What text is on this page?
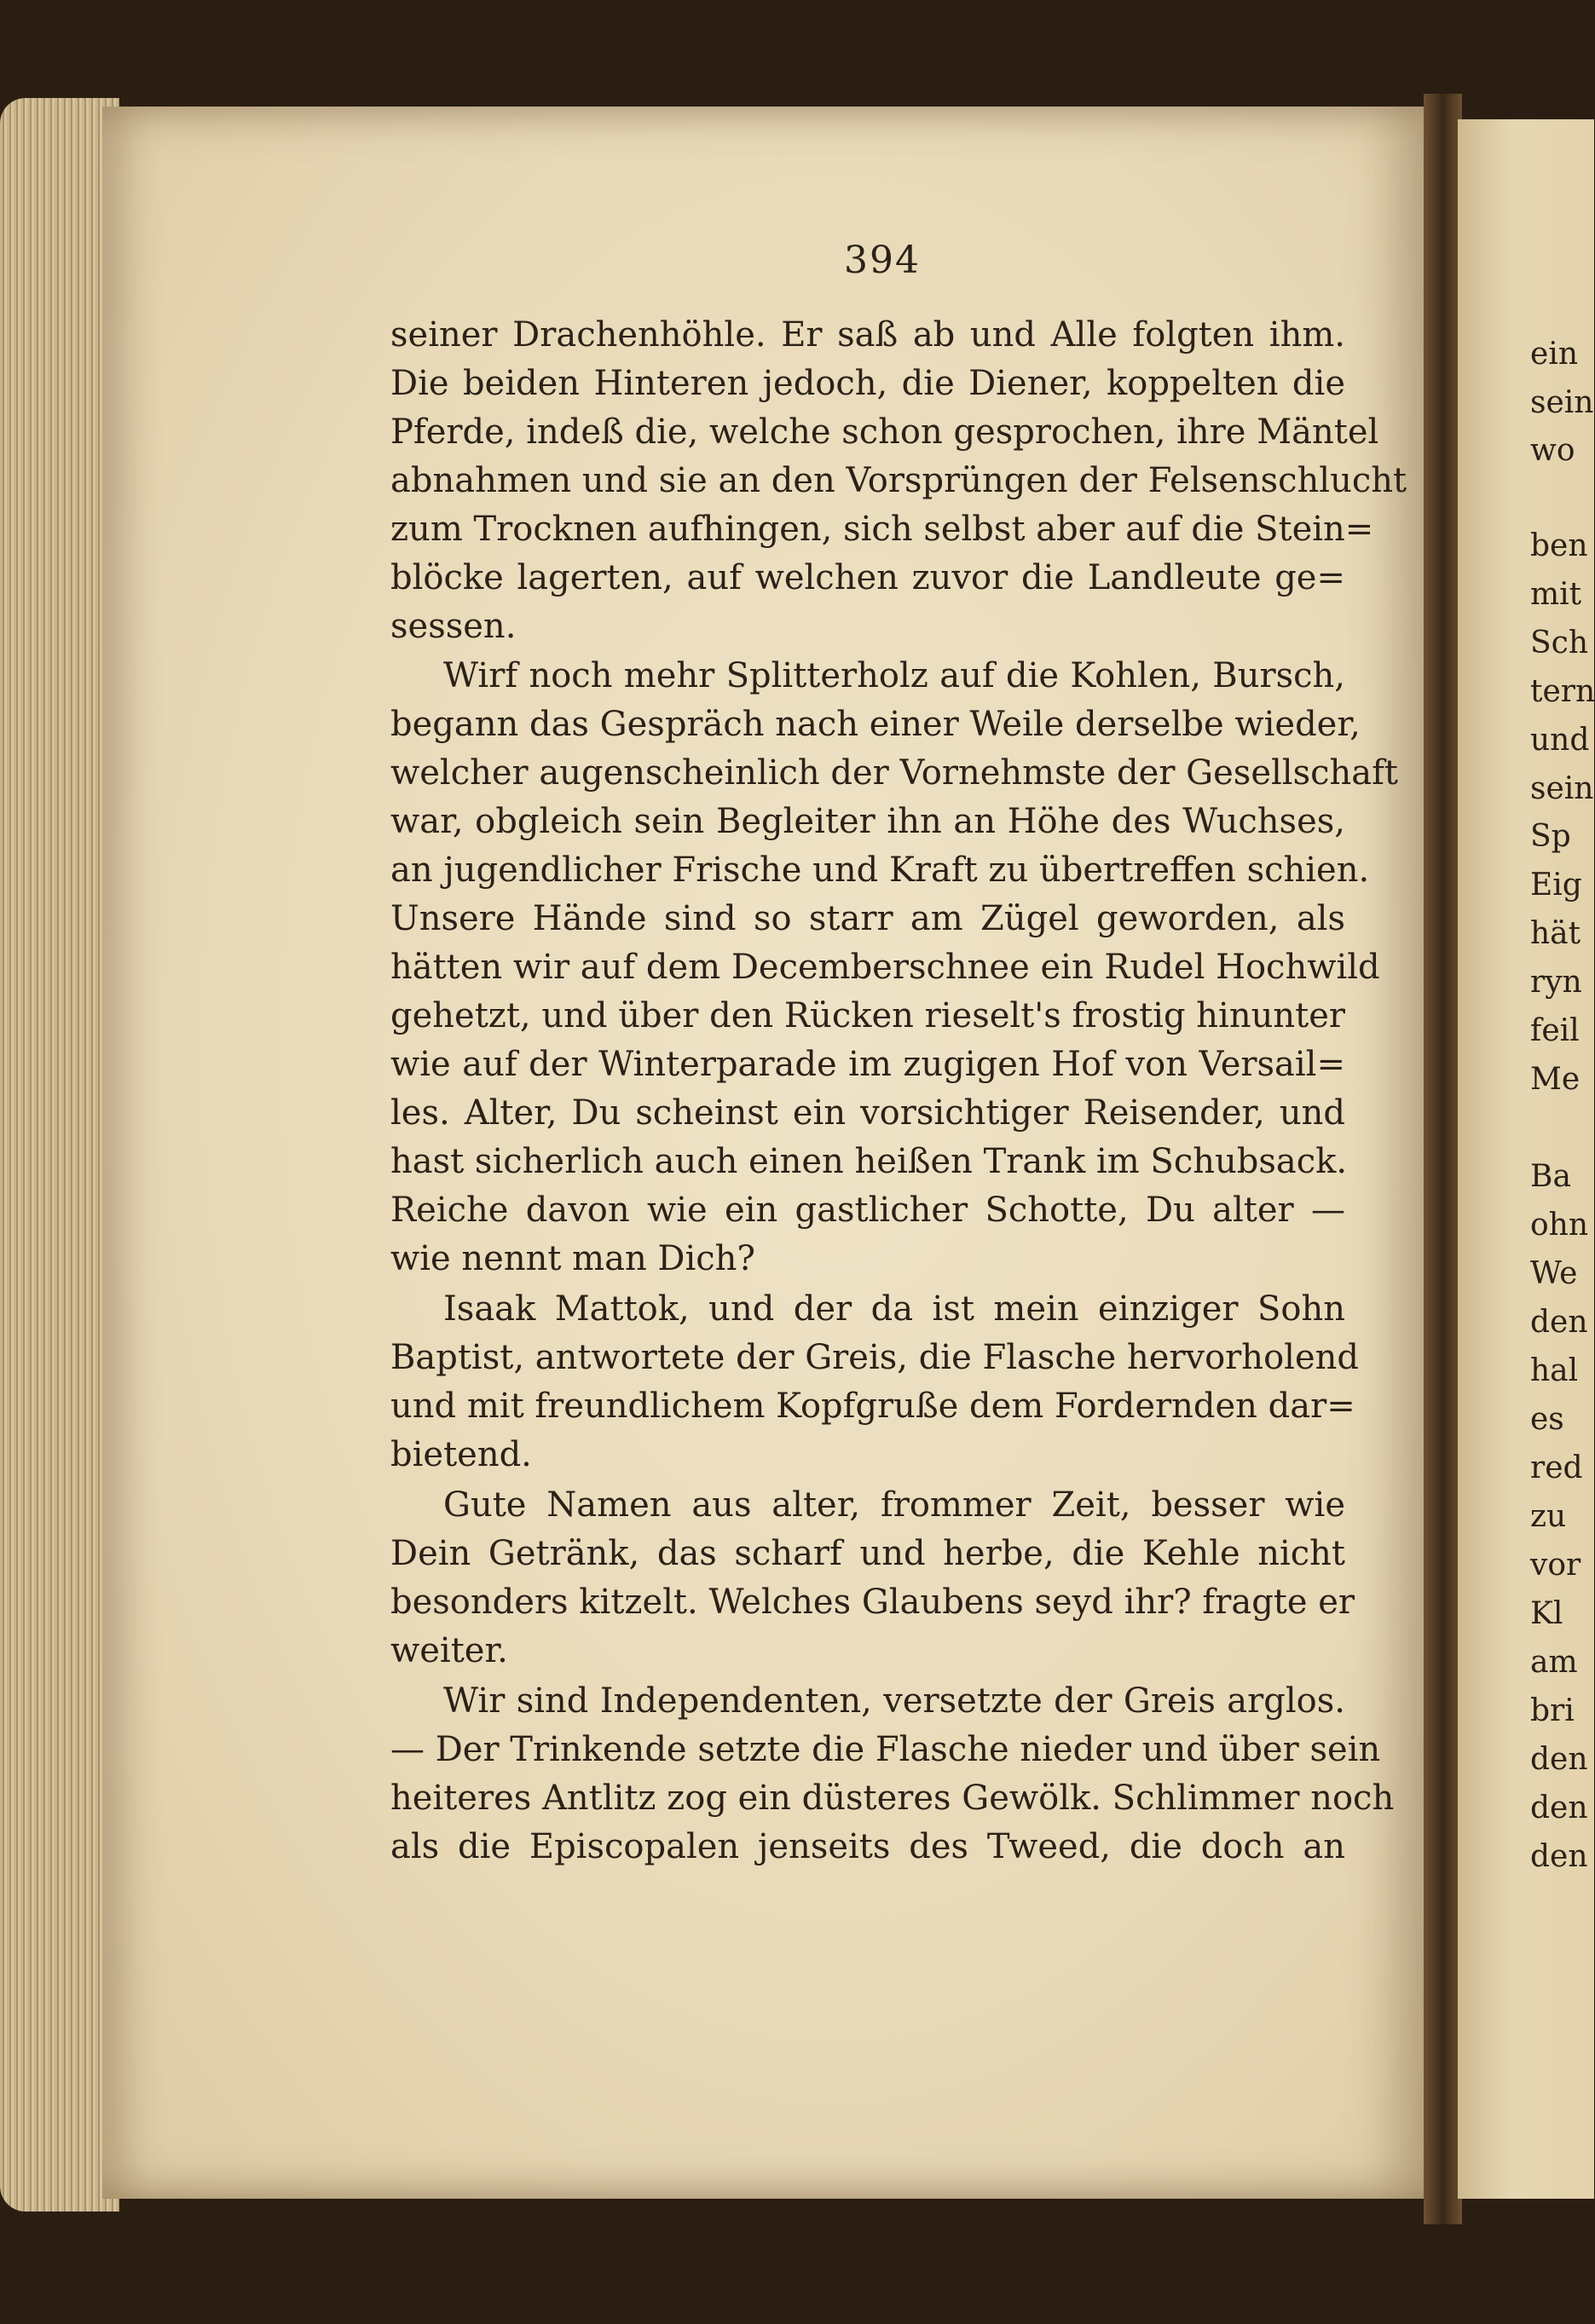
394
seiner Drachenhöhle. Er saß ab und Alle folgten ihm.
Die beiden Hinteren jedoch, die Diener, koppelten die
Pferde, indeß die, welche schon gesprochen, ihre Mäntel
abnahmen und sie an den Vorsprüngen der Felsenschlucht
zum Trocknen aufhingen, sich selbst aber auf die Stein=
blöcke lagerten, auf welchen zuvor die Landleute ge=
sessen.
Wirf noch mehr Splitterholz auf die Kohlen, Bursch,
begann das Gespräch nach einer Weile derselbe wieder,
welcher augenscheinlich der Vornehmste der Gesellschaft
war, obgleich sein Begleiter ihn an Höhe des Wuchses,
an jugendlicher Frische und Kraft zu übertreffen schien.
Unsere Hände sind so starr am Zügel geworden, als
hätten wir auf dem Decemberschnee ein Rudel Hochwild
gehetzt, und über den Rücken rieselt's frostig hinunter
wie auf der Winterparade im zugigen Hof von Versail=
les. Alter, Du scheinst ein vorsichtiger Reisender, und
hast sicherlich auch einen heißen Trank im Schubsack.
Reiche davon wie ein gastlicher Schotte, Du alter —
wie nennt man Dich?
Isaak Mattok, und der da ist mein einziger Sohn
Baptist, antwortete der Greis, die Flasche hervorholend
und mit freundlichem Kopfgruße dem Fordernden dar=
bietend.
Gute Namen aus alter, frommer Zeit, besser wie
Dein Getränk, das scharf und herbe, die Kehle nicht
besonders kitzelt. Welches Glaubens seyd ihr? fragte er
weiter.
Wir sind Independenten, versetzte der Greis arglos.
— Der Trinkende setzte die Flasche nieder und über sein
heiteres Antlitz zog ein düsteres Gewölk. Schlimmer noch
als die Episcopalen jenseits des Tweed, die doch an
ein
sein
wo
ben
mit
Sch
tern
und
sein
Sp
Eig
hät
ryn
feil
Me
Ba
ohn
We
den
hal
es
red
zu
vor
Kl
am
bri
den
den
den
